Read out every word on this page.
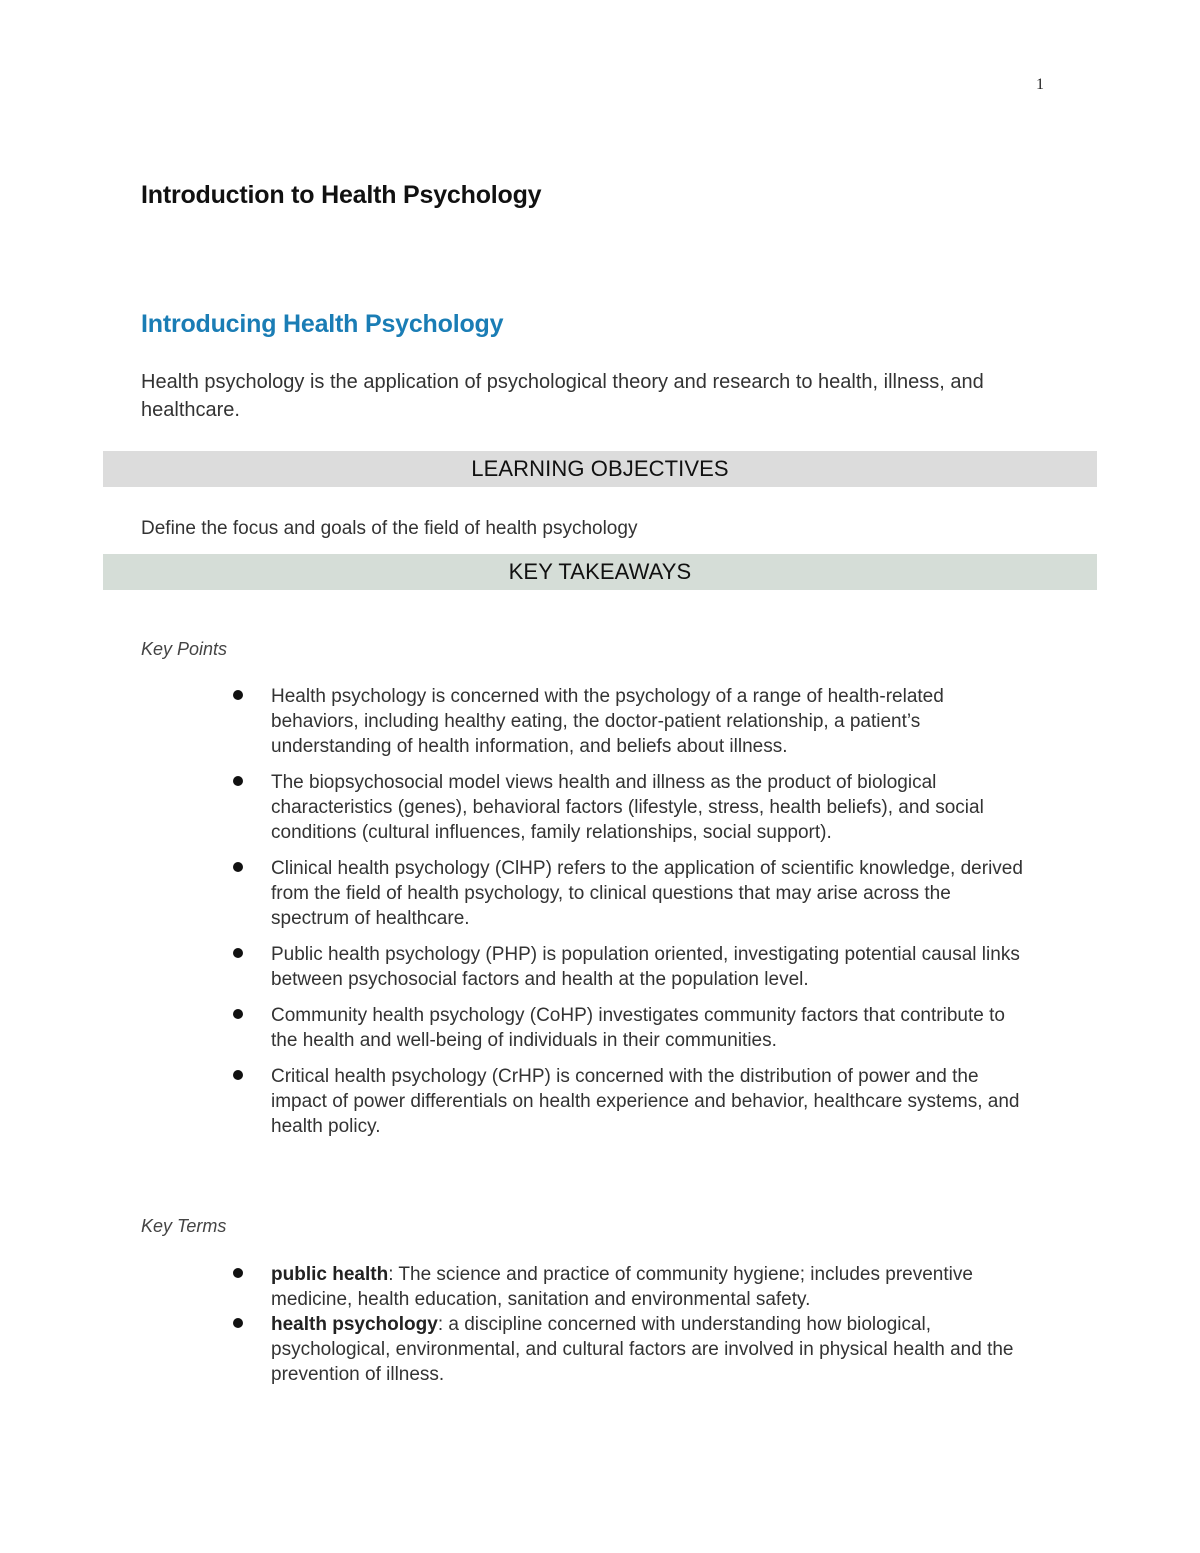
1
Introduction to Health Psychology
Introducing Health Psychology

Health psychology is the application of psychological theory and research to health, illness, and healthcare.

LEARNING OBJECTIVES

Define the focus and goals of the field of health psychology

KEY TAKEAWAYS

Key Points

Health psychology is concerned with the psychology of a range of health-related behaviors, including healthy eating, the doctor-patient relationship, a patient’s understanding of health information, and beliefs about illness.
The biopsychosocial model views health and illness as the product of biological characteristics (genes), behavioral factors (lifestyle, stress, health beliefs), and social conditions (cultural influences, family relationships, social support).
Clinical health psychology (ClHP) refers to the application of scientific knowledge, derived from the field of health psychology, to clinical questions that may arise across the spectrum of healthcare.
Public health psychology (PHP) is population oriented, investigating potential causal links between psychosocial factors and health at the population level.
Community health psychology (CoHP) investigates community factors that contribute to the health and well-being of individuals in their communities.
Critical health psychology (CrHP) is concerned with the distribution of power and the impact of power differentials on health experience and behavior, healthcare systems, and health policy.

Key Terms

public health: The science and practice of community hygiene; includes preventive medicine, health education, sanitation and environmental safety.
health psychology: a discipline concerned with understanding how biological, psychological, environmental, and cultural factors are involved in physical health and the prevention of illness.
